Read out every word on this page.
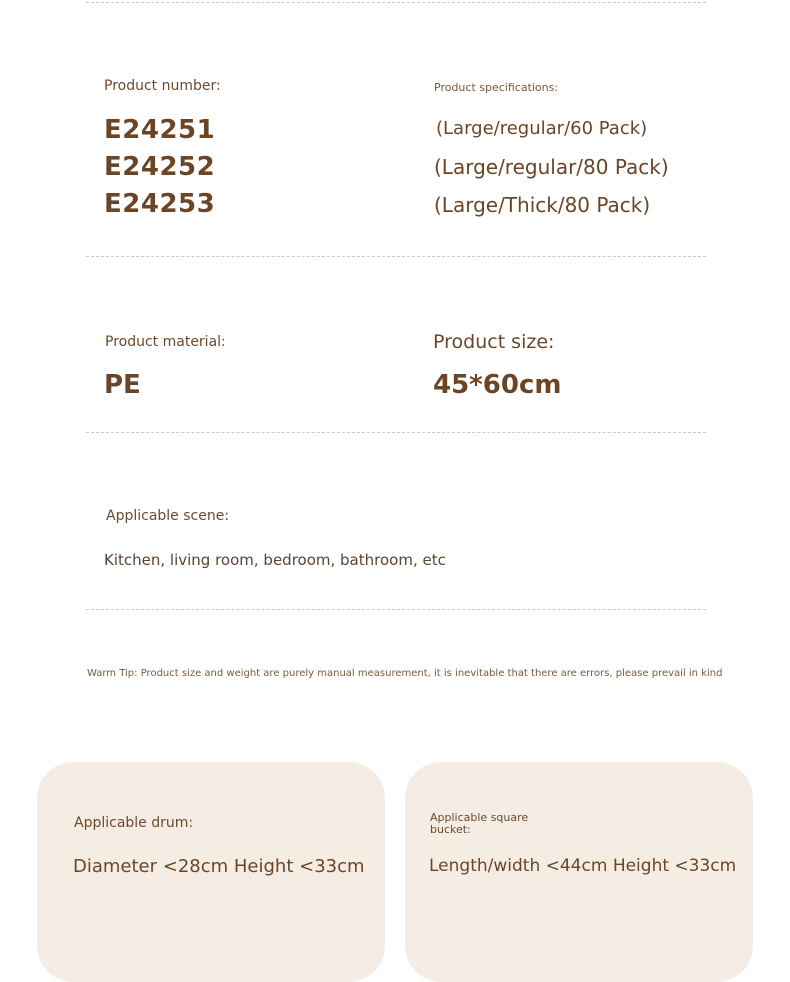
Product number:
E24251
E24252
E24253
Product specifications:
(Large/regular/60 Pack)
(Large/regular/80 Pack)
(Large/Thick/80 Pack)
Product material:
PE
Product size:
45*60cm
Applicable scene:
Kitchen, living room, bedroom, bathroom, etc
Warm Tip: Product size and weight are purely manual measurement, it is inevitable that there are errors, please prevail in kind
Applicable drum:
Diameter <28cm Height <33cm
Applicable square bucket:
Length/width <44cm Height <33cm
